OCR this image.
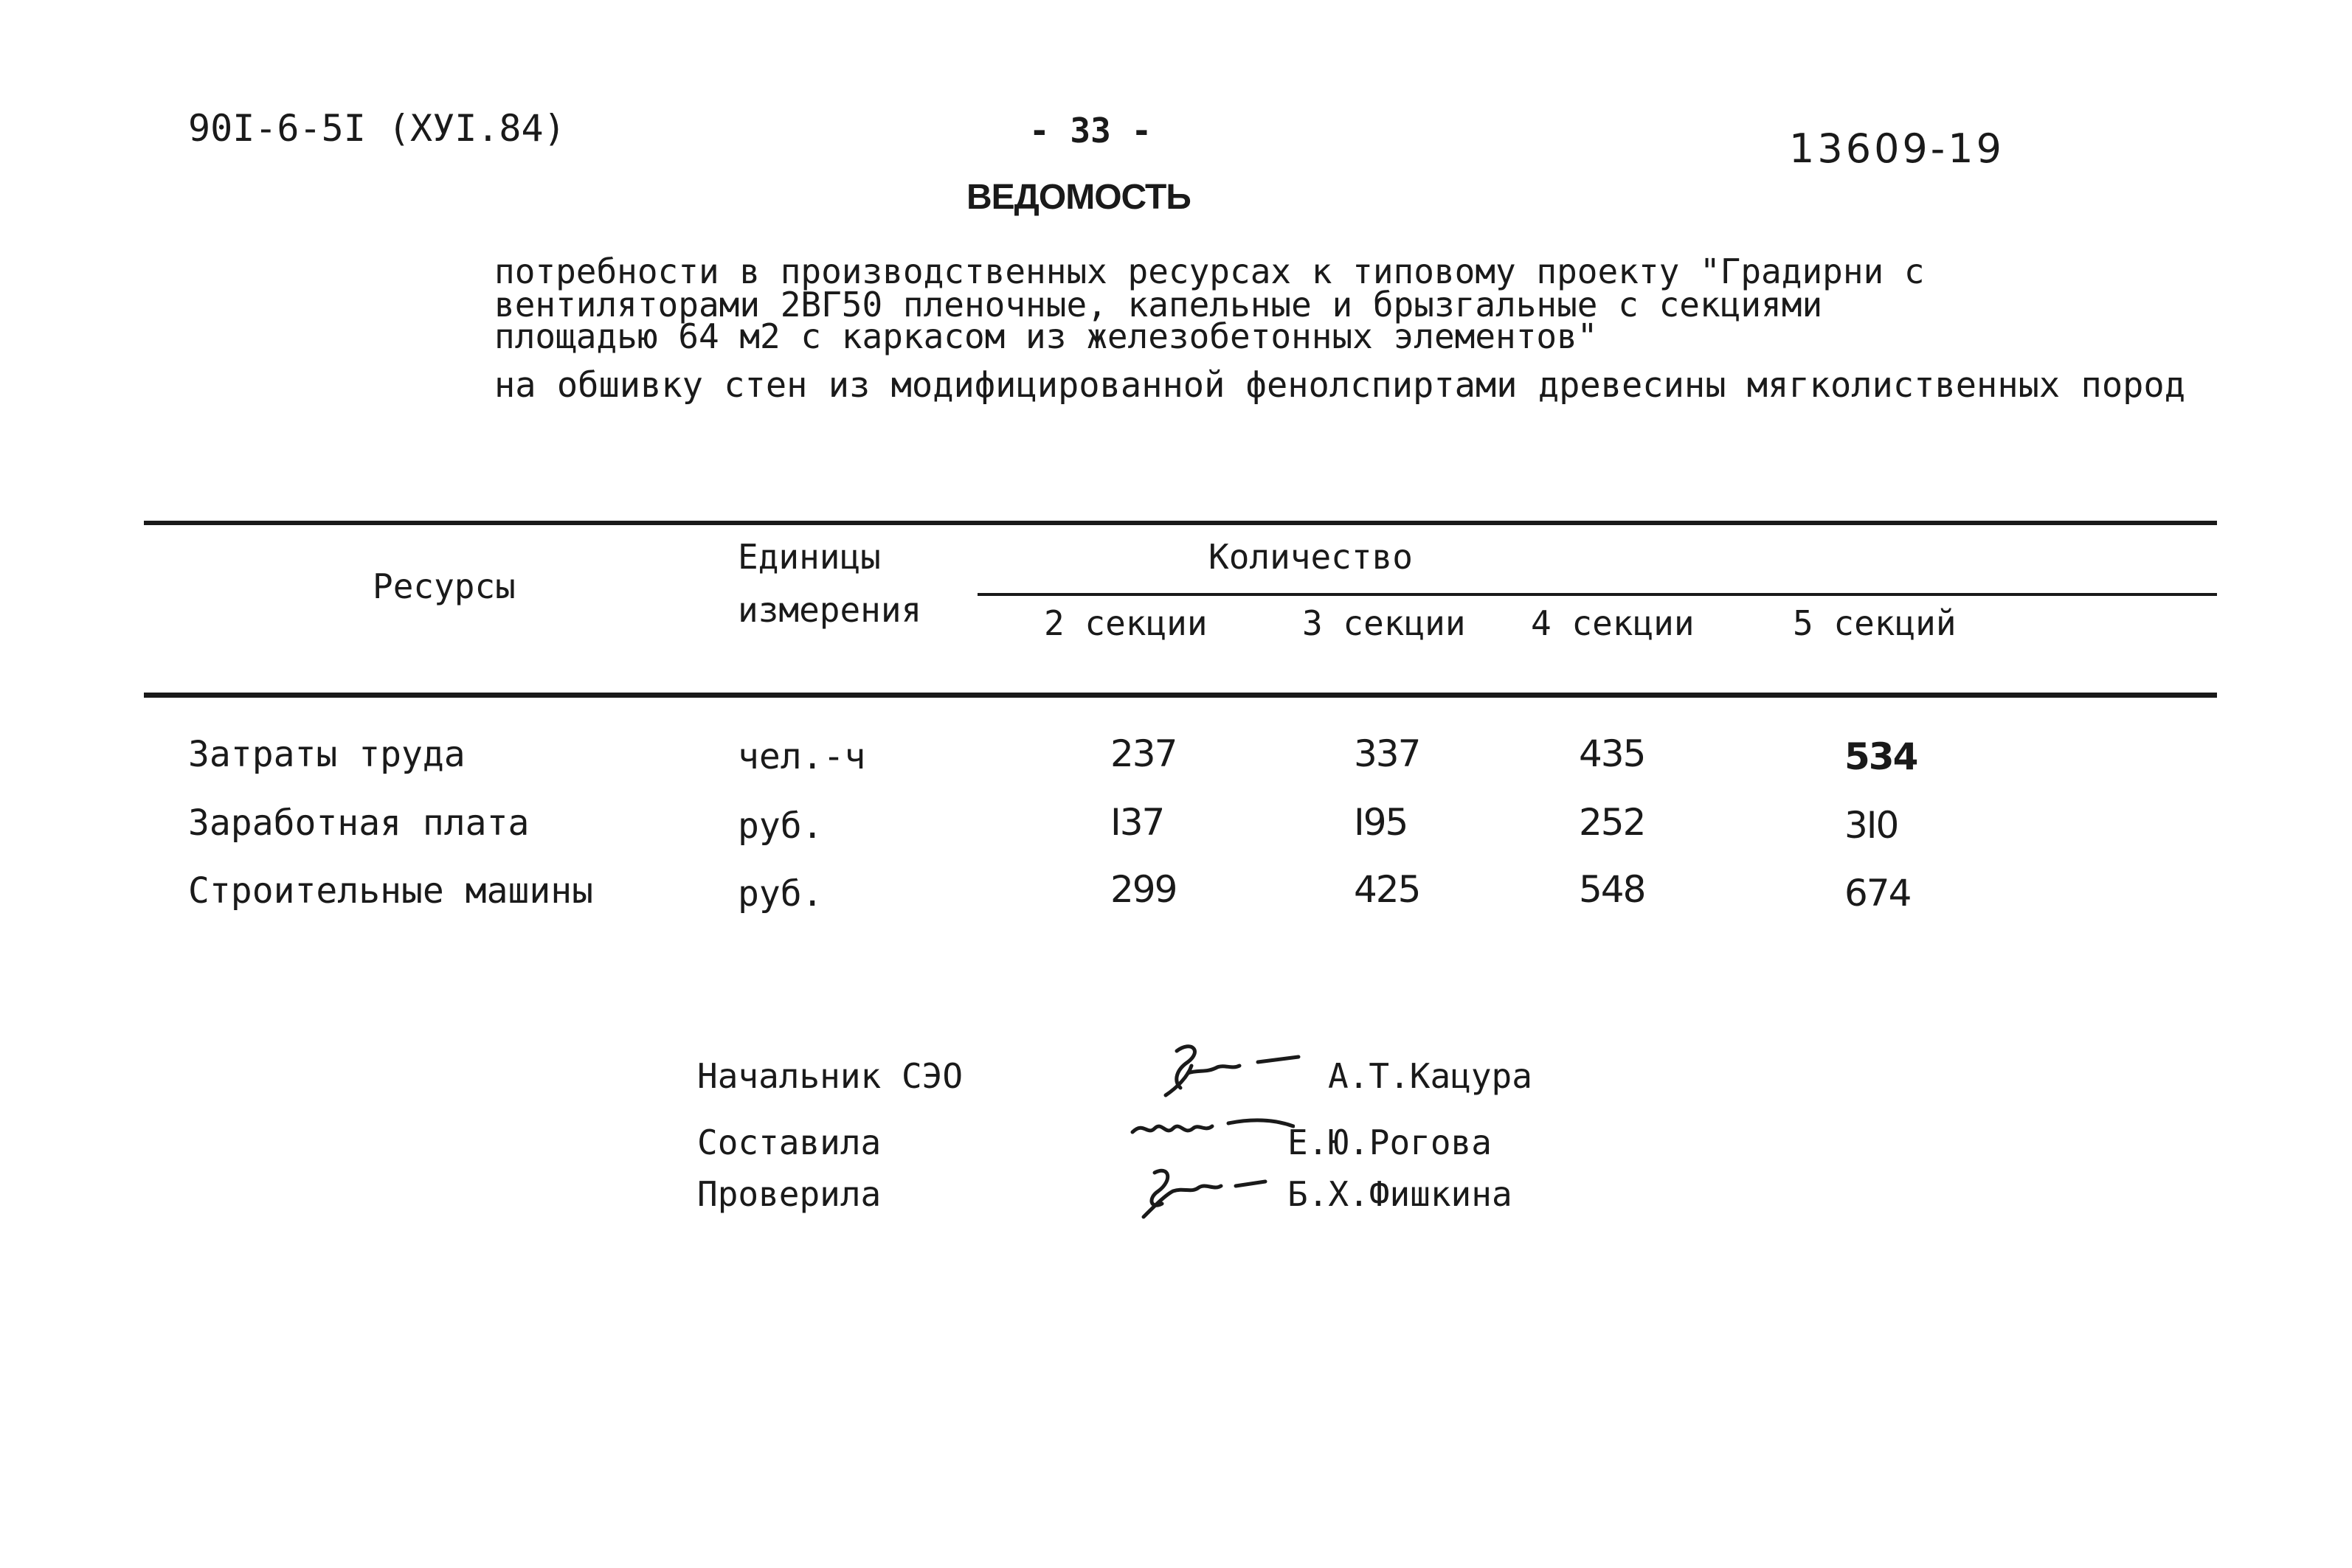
90I-6-5I (ХУI.84)	- 33 -	13609-19
ВЕДОМОСТЬ
потребности в производственных ресурсах к типовому проекту "Градирни с
вентиляторами 2ВГ50 пленочные, капельные и брызгальные с секциями
площадью 64 м2 с каркасом из железобетонных элементов"
на обшивку стен из модифицированной фенолспиртами древесины мягколиственных пород
Ресурсы
Единицы
измерения
Количество
2 секции	3 секции 4 секции	5 секций
Затраты труда	чел.-ч	237	337	435	534
Заработная плата	руб.	I37	I95	252	3I0
Строительные машины	руб.	299	425	548	674
Начальник СЭО
Составила
Проверила
А.Т.Кацура
Е.Ю.Рогова
Б.Х.Фишкина
